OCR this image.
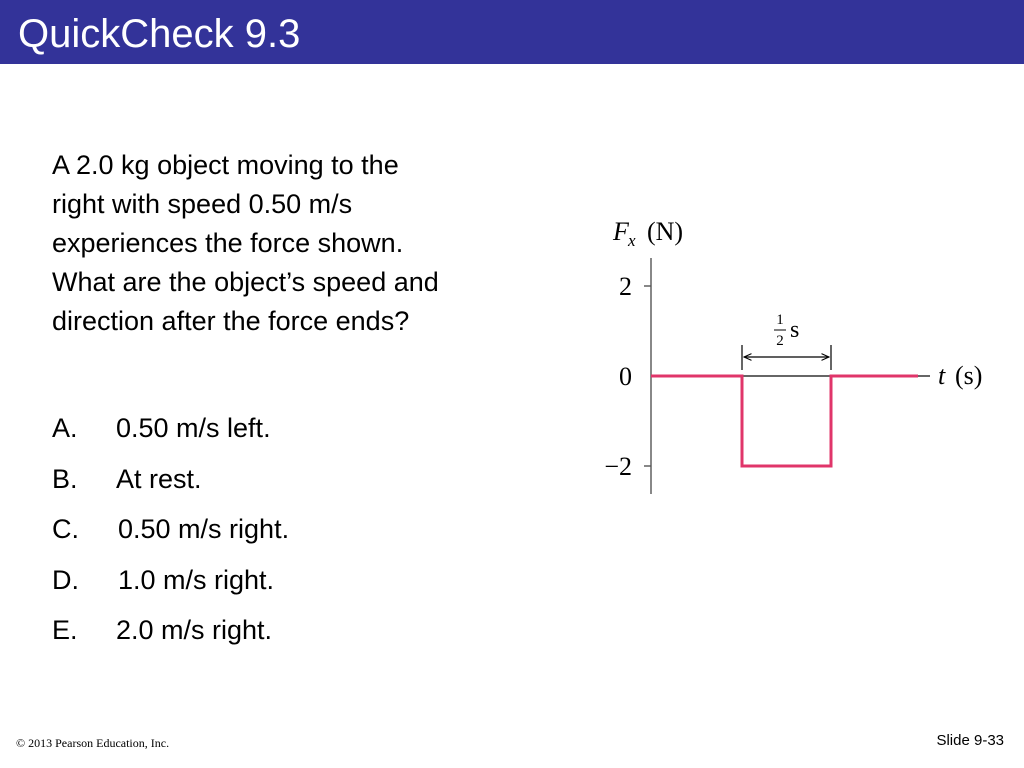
QuickCheck 9.3
A 2.0 kg object moving to the
right with speed 0.50 m/s
experiences the force shown.
What are the object’s speed and
direction after the force ends?
A. 0.50 m/s left.
B. At rest.
C. 0.50 m/s right.
D. 1.0 m/s right.
E. 2.0 m/s right.
F x (N)
2
0
−2
t (s)
1
2 s
© 2013 Pearson Education, Inc.	Slide 9-33
